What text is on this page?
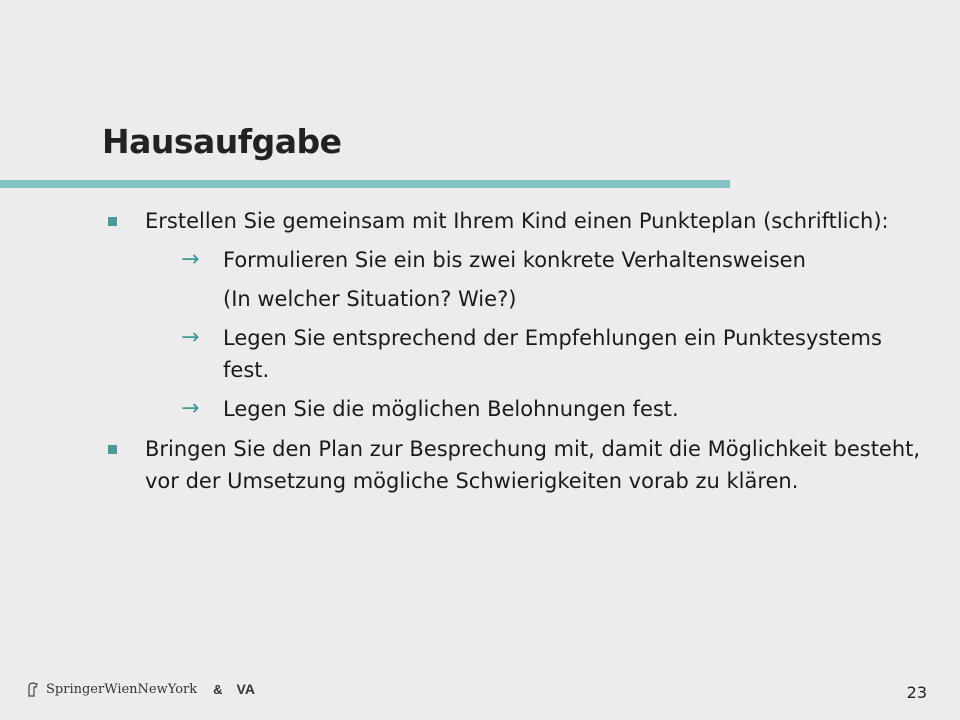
Hausaufgabe
Erstellen Sie gemeinsam mit Ihrem Kind einen Punkteplan (schriftlich):
→ Formulieren Sie ein bis zwei konkrete Verhaltensweisen
(In welcher Situation? Wie?)
→ Legen Sie entsprechend der Empfehlungen ein Punktesystems fest.
→ Legen Sie die möglichen Belohnungen fest.
Bringen Sie den Plan zur Besprechung mit, damit die Möglichkeit besteht, vor der Umsetzung mögliche Schwierigkeiten vorab zu klären.
SpringerWienNewYork & VA	23
